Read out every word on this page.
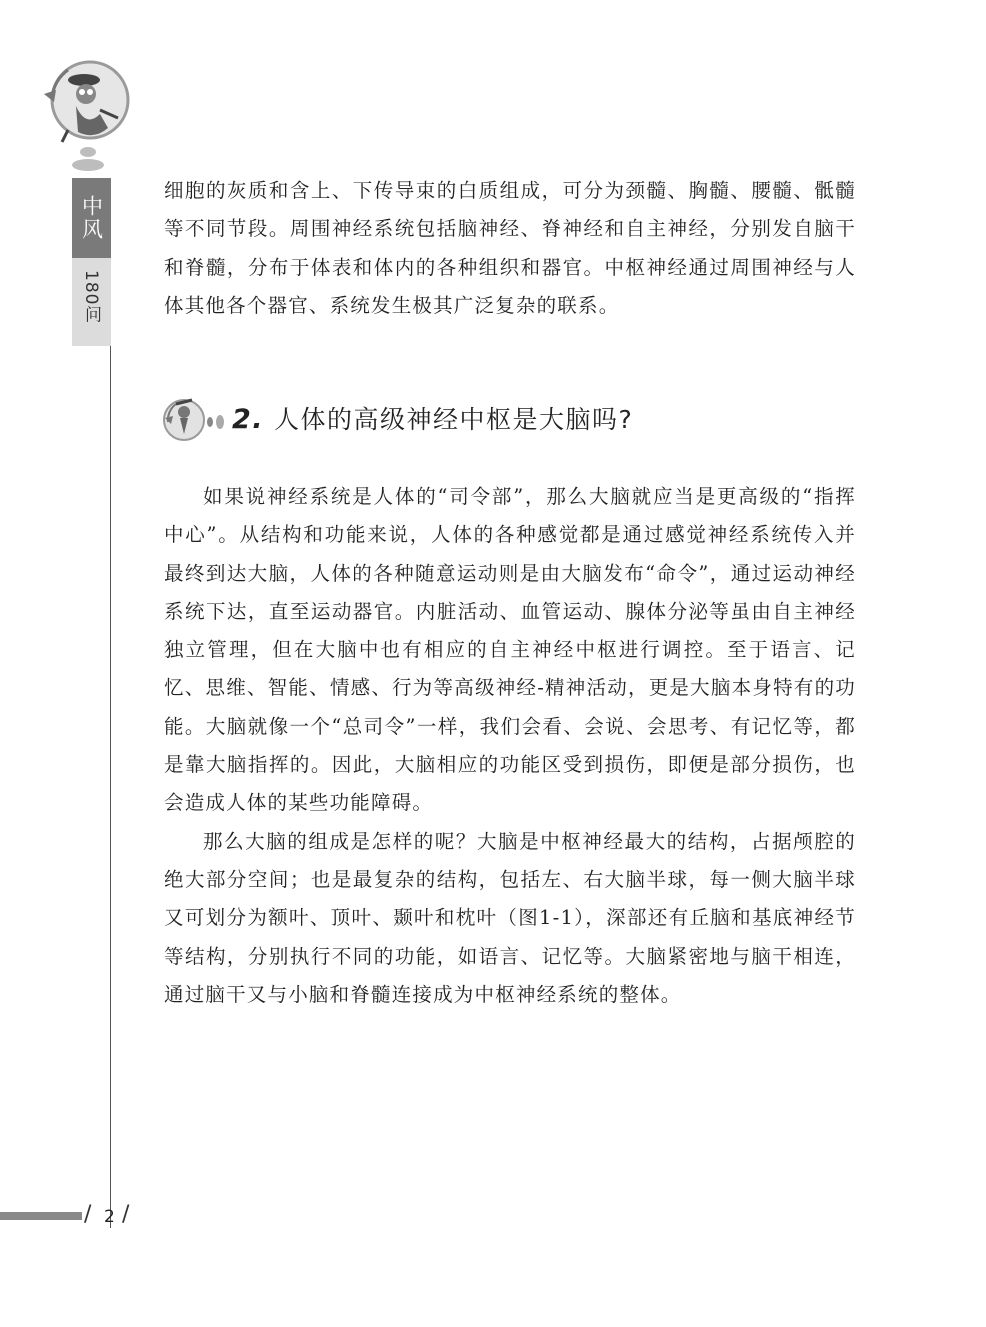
中风
180问

细胞的灰质和含上、下传导束的白质组成，可分为颈髓、胸髓、腰髓、骶髓等不同节段。周围神经系统包括脑神经、脊神经和自主神经，分别发自脑干和脊髓，分布于体表和体内的各种组织和器官。中枢神经通过周围神经与人体其他各个器官、系统发生极其广泛复杂的联系。

2. 人体的高级神经中枢是大脑吗?

如果说神经系统是人体的“司令部”，那么大脑就应当是更高级的“指挥中心”。从结构和功能来说，人体的各种感觉都是通过感觉神经系统传入并最终到达大脑，人体的各种随意运动则是由大脑发布“命令”，通过运动神经系统下达，直至运动器官。内脏活动、血管运动、腺体分泌等虽由自主神经独立管理，但在大脑中也有相应的自主神经中枢进行调控。至于语言、记忆、思维、智能、情感、行为等高级神经-精神活动，更是大脑本身特有的功能。大脑就像一个“总司令”一样，我们会看、会说、会思考、有记忆等，都是靠大脑指挥的。因此，大脑相应的功能区受到损伤，即便是部分损伤，也会造成人体的某些功能障碍。

那么大脑的组成是怎样的呢？大脑是中枢神经最大的结构，占据颅腔的绝大部分空间；也是最复杂的结构，包括左、右大脑半球，每一侧大脑半球又可划分为额叶、顶叶、颞叶和枕叶（图1-1），深部还有丘脑和基底神经节等结构，分别执行不同的功能，如语言、记忆等。大脑紧密地与脑干相连，通过脑干又与小脑和脊髓连接成为中枢神经系统的整体。

/ 2 /
